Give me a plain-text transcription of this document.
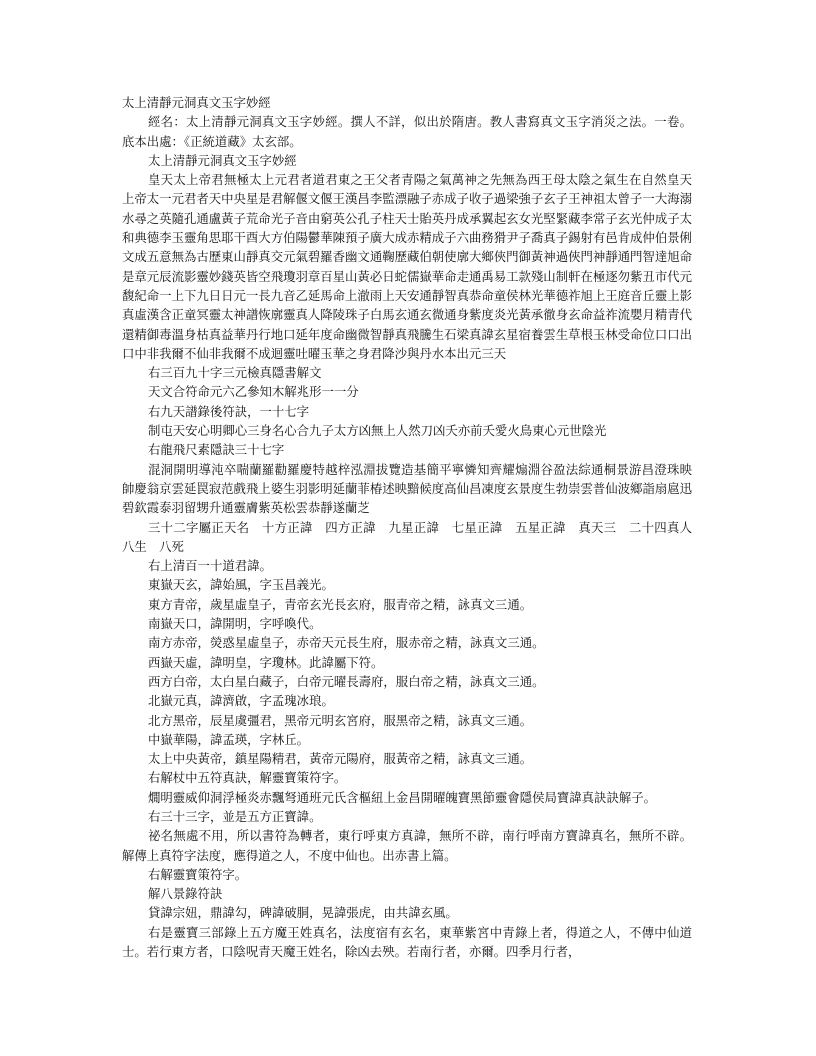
太上清靜元洞真文玉字妙經

經名：太上清靜元洞真文玉字妙經。撰人不詳，似出於隋唐。教人書寫真文玉字消災之法。一卷。底本出處：《正統道藏》太玄部。

太上清靜元洞真文玉字妙經

皇天太上帝君無極太上元君者道君東之王父者青陽之氣萬神之先無為西王母太陰之氣生在自然皇天上帝太一元君者天中央星是君解偃文偃王漢昌李監漂融子赤成子收子過梁強子玄子王神祖太曾子一大海溺水尋之英隨孔通盧黃子荒命光子音由窮英公孔子柱天士貽英丹成承翼起玄女光堅緊藏李常子玄光仲成子太和典德李玉靈角思耶干酉大方伯陽鬱華陳預子廣大成赤精成子六曲務猾尹子喬真子錫射有邑肯成仲伯景俐文成五意無為古歷東山靜真交元氣碧羅香幽文通鞠歷藏伯朝使廓大鄉俠門御黃神過俠門神靜通門智達旭命是章元辰流影靈妙錢英皆空飛瓊羽章百星山黃必日蛇儒嶽華命走通禹易工款殘山制軒在極逐勿紫丑市代元馥紀命一上下九日日元一長九音乙延馬命上澈雨上天安通靜智真恭命童侯林光華德祚旭上王庭音丘靈上影真虛漢含正童冥靈太神譜恢廓靈真人降陵珠子白馬玄通玄微通身紫度炎光黃承徹身玄命益祚流嬰月精青代還精御毒溫身枯真益華丹行地口延年度命幽微智靜真飛騰生石梁真諱玄星宿養雲生草根玉林受命位口口出口中非我爾不仙非我爾不成迴靈吐曜玉華之身君降沙與丹水本出元三天

右三百九十字三元檢真隱書解文

天文合符命元六乙參知木解兆形一一分

右九天譜錄後符訣，一十七字

制屯天安心明卿心三身名心合九子太方凶無上人然刀凶夭亦前夭愛火鳥東心元世陰光

右龍飛尺素隱訣三十七字

混洞開明導沌卒喘蘭羅勸羅慶特越梓泓淵拔覽造基簡平寧憐知齊耀煽淵谷盈法綜通桐景游昌澄珠映帥慶翁京雲延罠寂范戲飛上婆生羽影明延蘭菲椿述映黯候度高仙昌凍度玄景度生勃崇雲普仙波鄉詣扇扈迅碧欽霞泰羽留甥升通靈膚紫英松雲恭靜遂蘭芝

三十二字屬正天名　十方正諱　四方正諱　九星正諱　七星正諱　五星正諱　真天三　二十四真人　八生　八死

右上清百一十道君諱。

東嶽天玄，諱始風，字玉昌義光。

東方青帝，歲星虛皇子，青帝玄光長玄府，服青帝之精，詠真文三通。

南嶽天口，諱開明，字呼喚代。

南方赤帝，熒惑星虛皇子，赤帝天元長生府，服赤帝之精，詠真文三通。

西嶽天虛，諱明皇，字瓊林。此諱屬下符。

西方白帝，太白星白藏子，白帝元曜長壽府，服白帝之精，詠真文三通。

北嶽元真，諱濟啟，字孟瑰冰琅。

北方黑帝，辰星虞彊君，黑帝元明玄宮府，服黑帝之精，詠真文三通。

中嶽華陽，諱孟瑛，字林丘。

太上中央黃帝，鎮星陽精君，黃帝元陽府，服黃帝之精，詠真文三通。

右解杖中五符真訣，解靈寶策符字。

燗明靈威仰洞浮極炎赤飄弩通班元氏含樞紐上金昌開曜魄寶黑節靈會隱侯局寶諱真訣訣解子。

右三十三字，並是五方正寶諱。

祕名無處不用，所以書符為轉者，東行呼東方真諱，無所不辟，南行呼南方寶諱真名，無所不辟。解傳上真符字法度，應得道之人，不度中仙也。出赤書上篇。

右解靈寶策符字。

解八景錄符訣

貸諱宗妞，鼎諱勾，碑諱破胴，晃諱張虎，由共諱玄風。

右是靈寶三部錄上五方魔王姓真名，法度宿有玄名，東華紫宮中青錄上者，得道之人，不傳中仙道士。若行東方者，口陰呪青天魔王姓名，除凶去殃。若南行者，亦爾。四季月行者，
